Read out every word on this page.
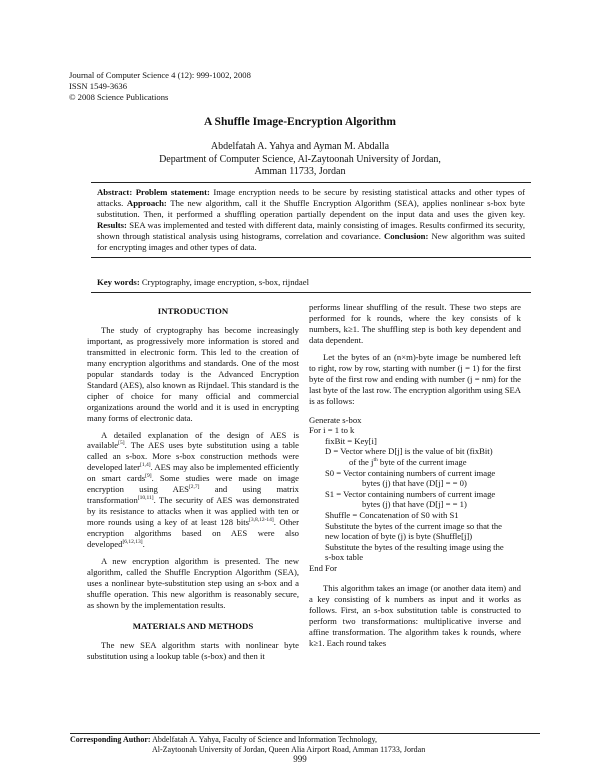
Journal of Computer Science 4 (12): 999-1002, 2008
ISSN 1549-3636
© 2008 Science Publications
A Shuffle Image-Encryption Algorithm
Abdelfatah A. Yahya and Ayman M. Abdalla
Department of Computer Science, Al-Zaytoonah University of Jordan,
Amman 11733, Jordan
Abstract: Problem statement: Image encryption needs to be secure by resisting statistical attacks and other types of attacks. Approach: The new algorithm, call it the Shuffle Encryption Algorithm (SEA), applies nonlinear s-box byte substitution. Then, it performed a shuffling operation partially dependent on the input data and uses the given key. Results: SEA was implemented and tested with different data, mainly consisting of images. Results confirmed its security, shown through statistical analysis using histograms, correlation and covariance. Conclusion: New algorithm was suited for encrypting images and other types of data.
Key words: Cryptography, image encryption, s-box, rijndael
INTRODUCTION

The study of cryptography has become increasingly important, as progressively more information is stored and transmitted in electronic form. This led to the creation of many encryption algorithms and standards. One of the most popular standards today is the Advanced Encryption Standard (AES), also known as Rijndael. This standard is the cipher of choice for many official and commercial organizations around the world and it is used in encrypting many forms of electronic data.

A detailed explanation of the design of AES is available[5]. The AES uses byte substitution using a table called an s-box. More s-box construction methods were developed later[1,4]. AES may also be implemented efficiently on smart cards[9]. Some studies were made on image encryption using AES[2,7] and using matrix transformation[10,11]. The security of AES was demonstrated by its resistance to attacks when it was applied with ten or more rounds using a key of at least 128 bits[3,8,12-14]. Other encryption algorithms based on AES were also developed[6,12,13].

A new encryption algorithm is presented. The new algorithm, called the Shuffle Encryption Algorithm (SEA), uses a nonlinear byte-substitution step using an s-box and a shuffle operation. This new algorithm is reasonably secure, as shown by the implementation results.

MATERIALS AND METHODS

The new SEA algorithm starts with nonlinear byte substitution using a lookup table (s-box) and then it

performs linear shuffling of the result. These two steps are performed for k rounds, where the key consists of k numbers, k≥1. The shuffling step is both key dependent and data dependent.

Let the bytes of an (n×m)-byte image be numbered left to right, row by row, starting with number (j = 1) for the first byte of the first row and ending with number (j = nm) for the last byte of the last row. The encryption algorithm using SEA is as follows:

Generate s-box
For i = 1 to k
fixBit = Key[i]
D = Vector where D[j] is the value of bit (fixBit)
of the $j^{th}$ byte of the current image
S0 = Vector containing numbers of current image
bytes (j) that have (D[j] = = 0)
S1 = Vector containing numbers of current image
bytes (j) that have (D[j] = = 1)
Shuffle = Concatenation of S0 with S1
Substitute the bytes of the current image so that the
new location of byte (j) is byte (Shuffle[j])
Substitute the bytes of the resulting image using the
s-box table
End For

This algorithm takes an image (or another data item) and a key consisting of k numbers as input and it works as follows. First, an s-box substitution table is constructed to perform two transformations: multiplicative inverse and affine transformation. The algorithm takes k rounds, where k≥1. Each round takes

Corresponding Author: Abdelfatah A. Yahya, Faculty of Science and Information Technology,
Al-Zaytoonah University of Jordan, Queen Alia Airport Road, Amman 11733, Jordan
999
